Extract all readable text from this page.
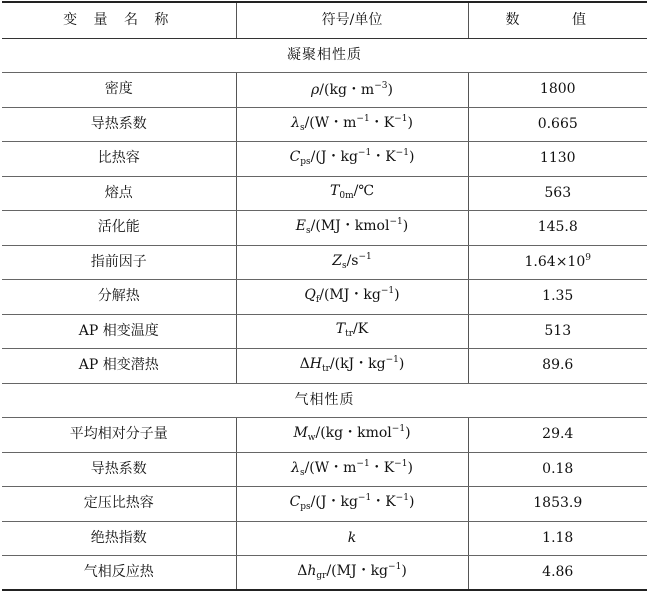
变 量 名 称	符号/单位	数 值
凝聚相性质		
密度	ρ/(kg・$m^{-3}$)	1800
导热系数	$\lambda_s/(W$・$m^{-1}$・$K^{-1}$)	0.665
比热容	$C_{ps}/(J$・$kg^{-1}$・$K^{-1}$)	1130
熔点	$T_{0m}/℃$	563
活化能	$E_s/(MJ$・kmol$^{-1}$)	145.8
指前因子	$Z_s/s^{-1}$	$1.64\times 10^9$
分解热	$Q_f/(MJ$・$kg^{-1}$)	1.35
AP 相变温度	$T_{tr}/K$	513
AP 相变潜热	$\Delta H_{tr}/(kJ$・$kg^{-1}$)	89.6
气相性质		
平均相对分子量	$M_w/(kg$・kmol$^{-1}$)	29.4
导热系数	$\lambda_s/(W$・$m^{-1}$・$K^{-1}$)	0.18
定压比热容	$C_{ps}/(J$・$kg^{-1}$・$K^{-1}$)	1853.9
绝热指数	k	1.18
气相反应热	$\Delta h_{gr}/(MJ$・$kg^{-1}$)	4.86
